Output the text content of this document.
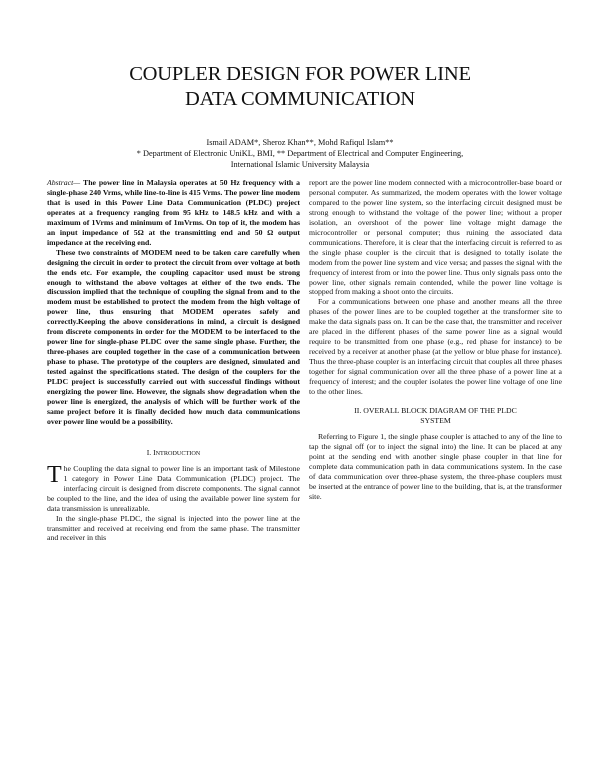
COUPLER DESIGN FOR POWER LINE
DATA COMMUNICATION
Ismail ADAM*, Sheroz Khan**, Mohd Rafiqul Islam**
* Department of Electronic UniKL, BMI, ** Department of Electrical and Computer Engineering,
International Islamic University Malaysia

Abstract— The power line in Malaysia operates at 50 Hz frequency with a single-phase 240 Vrms, while line-to-line is 415 Vrms. The power line modem that is used in this Power Line Data Communication (PLDC) project operates at a frequency ranging from 95 kHz to 148.5 kHz and with a maximum of 1Vrms and minimum of 1mVrms. On top of it, the modem has an input impedance of 5Ω at the transmitting end and 50 Ω output impedance at the receiving end.

These two constraints of MODEM need to be taken care carefully when designing the circuit in order to protect the circuit from over voltage at both the ends etc. For example, the coupling capacitor used must be strong enough to withstand the above voltages at either of the two ends. The discussion implied that the technique of coupling the signal from and to the modem must be established to protect the modem from the high voltage of power line, thus ensuring that MODEM operates safely and correctly.Keeping the above considerations in mind, a circuit is designed from discrete components in order for the MODEM to be interfaced to the power line for single-phase PLDC over the same single phase. Further, the three-phases are coupled together in the case of a communication between phase to phase. The prototype of the couplers are designed, simulated and tested against the specifications stated. The design of the couplers for the PLDC project is successfully carried out with successful findings without energizing the power line. However, the signals show degradation when the power line is energized, the analysis of which will be further work of the same project before it is finally decided how much data communications over power line would be a possibility.

I. INTRODUCTION

T he Coupling the data signal to power line is an important task of Milestone 1 category in Power Line Data Communication (PLDC) project. The interfacing circuit is designed from discrete components. The signal cannot be coupled to the line, and the idea of using the available power line system for data transmission is unrealizable.

In the single-phase PLDC, the signal is injected into the power line at the transmitter and received at receiving end from the same phase. The transmitter and receiver in this

report are the power line modem connected with a microcontroller-base board or personal computer. As summarized, the modem operates with the lower voltage compared to the power line system, so the interfacing circuit designed must be strong enough to withstand the voltage of the power line; without a proper isolation, an overshoot of the power line voltage might damage the microcontroller or personal computer; thus ruining the associated data communications. Therefore, it is clear that the interfacing circuit is referred to as the single phase coupler is the circuit that is designed to totally isolate the modem from the power line system and vice versa; and passes the signal with the frequency of interest from or into the power line. Thus only signals pass onto the power line, other signals remain contended, while the power line voltage is stopped from making a shoot onto the circuits.

For a communications between one phase and another means all the three phases of the power lines are to be coupled together at the transformer site to make the data signals pass on. It can be the case that, the transmitter and receiver are placed in the different phases of the same power line as a signal would require to be transmitted from one phase (e.g., red phase for instance) to be received by a receiver at another phase (at the yellow or blue phase for instance). Thus the three-phase coupler is an interfacing circuit that couples all three phases together for signal communication over all the three phase of a power line at a frequency of interest; and the coupler isolates the power line voltage of one line to the other lines.

II. OVERALL BLOCK DIAGRAM OF THE PLDC
SYSTEM

Referring to Figure 1, the single phase coupler is attached to any of the line to tap the signal off (or to inject the signal into) the line. It can be placed at any point at the sending end with another single phase coupler in that line for complete data communication path in data communications system. In the case of data communication over three-phase system, the three-phase couplers must be inserted at the entrance of power line to the building, that is, at the transformer site.
